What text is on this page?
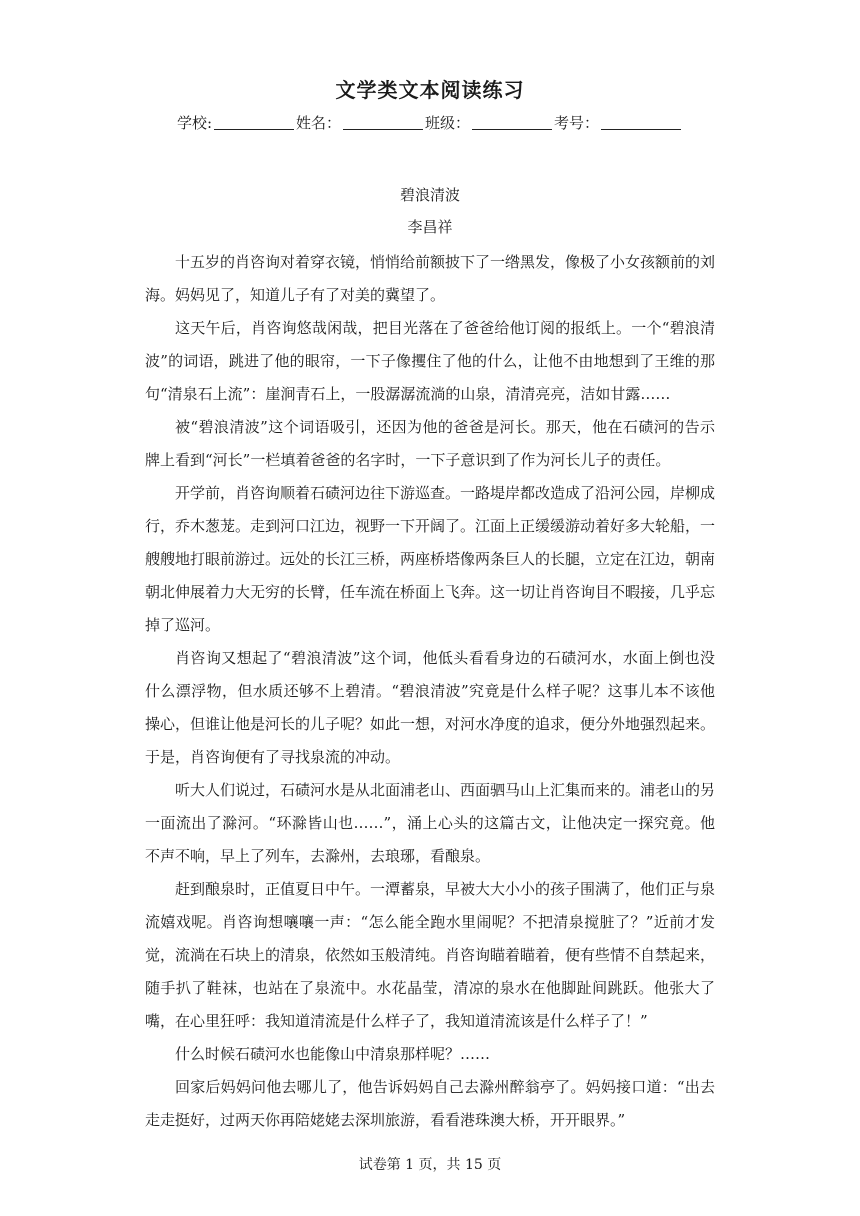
文学类文本阅读练习
学校:	姓名：	班级：	考号：
碧浪清波
李昌祥

十五岁的肖咨询对着穿衣镜，悄悄给前额披下了一绺黑发，像极了小女孩额前的刘海。妈妈见了，知道儿子有了对美的冀望了。

这天午后，肖咨询悠哉闲哉，把目光落在了爸爸给他订阅的报纸上。一个“碧浪清波”的词语，跳进了他的眼帘，一下子像攫住了他的什么，让他不由地想到了王维的那句“清泉石上流”：崖涧青石上，一股潺潺流淌的山泉，清清亮亮，洁如甘露……

被“碧浪清波”这个词语吸引，还因为他的爸爸是河长。那天，他在石碛河的告示牌上看到“河长”一栏填着爸爸的名字时，一下子意识到了作为河长儿子的责任。

开学前，肖咨询顺着石碛河边往下游巡查。一路堤岸都改造成了沿河公园，岸柳成行，乔木葱茏。走到河口江边，视野一下开阔了。江面上正缓缓游动着好多大轮船，一艘艘地打眼前游过。远处的长江三桥，两座桥塔像两条巨人的长腿，立定在江边，朝南朝北伸展着力大无穷的长臂，任车流在桥面上飞奔。这一切让肖咨询目不暇接，几乎忘掉了巡河。

肖咨询又想起了“碧浪清波”这个词，他低头看看身边的石碛河水，水面上倒也没什么漂浮物，但水质还够不上碧清。“碧浪清波”究竟是什么样子呢？这事儿本不该他操心，但谁让他是河长的儿子呢？如此一想，对河水净度的追求，便分外地强烈起来。于是，肖咨询便有了寻找泉流的冲动。

听大人们说过，石碛河水是从北面浦老山、西面驷马山上汇集而来的。浦老山的另一面流出了滁河。“环滁皆山也……”，涌上心头的这篇古文，让他决定一探究竟。他不声不响，早上了列车，去滁州，去琅琊，看酿泉。

赶到酿泉时，正值夏日中午。一潭蓄泉，早被大大小小的孩子围满了，他们正与泉流嬉戏呢。肖咨询想嚷嚷一声：“怎么能全跑水里闹呢？不把清泉搅脏了？”近前才发觉，流淌在石块上的清泉，依然如玉般清纯。肖咨询瞄着瞄着，便有些情不自禁起来，随手扒了鞋袜，也站在了泉流中。水花晶莹，清凉的泉水在他脚趾间跳跃。他张大了嘴，在心里狂呼：我知道清流是什么样子了，我知道清流该是什么样子了！”

什么时候石碛河水也能像山中清泉那样呢？……

回家后妈妈问他去哪儿了，他告诉妈妈自己去滁州醉翁亭了。妈妈接口道：“出去走走挺好，过两天你再陪姥姥去深圳旅游，看看港珠澳大桥，开开眼界。”

试卷第 1 页，共 15 页
